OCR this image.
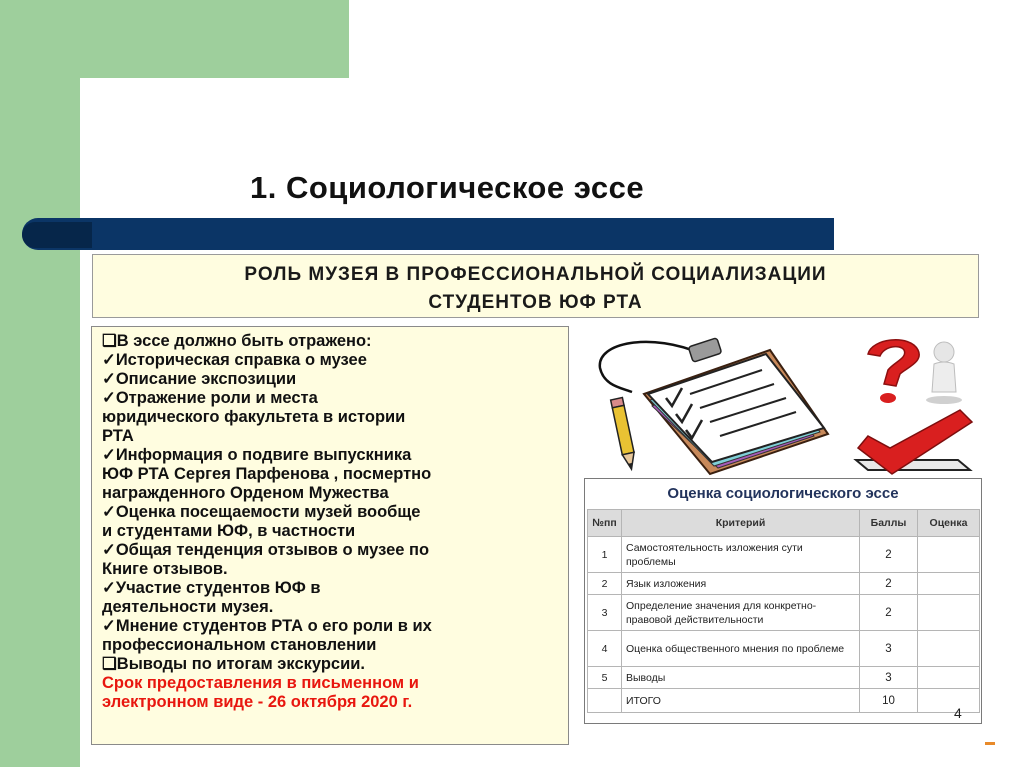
1. Социологическое эссе
РОЛЬ МУЗЕЯ В ПРОФЕССИОНАЛЬНОЙ СОЦИАЛИЗАЦИИ
СТУДЕНТОВ ЮФ РТА
❑В эссе должно быть отражено:
✓Историческая справка о музее
✓Описание экспозиции
✓Отражение роли и места
юридического факультета в истории
РТА
✓Информация о подвиге выпускника
ЮФ РТА Сергея Парфенова , посмертно
награжденного Орденом Мужества
✓Оценка посещаемости музей вообще
и студентами ЮФ, в частности
✓Общая тенденция отзывов о музее по
Книге отзывов.
✓Участие студентов ЮФ в
деятельности музея.
✓Мнение студентов РТА о его роли в их
профессиональном становлении
❑Выводы по итогам экскурсии.
Срок предоставления в письменном и
электронном виде - 26 октября 2020 г.
Оценка социологического эссе
№пп	Критерий	Баллы	Оценка
1	Самостоятельность изложения сути проблемы	2	
2	Язык изложения	2	
3	Определение значения для конкретно-правовой действительности	2	
4	Оценка общественного мнения по проблеме	3	
5	Выводы	3	
	ИТОГО	10	
4
